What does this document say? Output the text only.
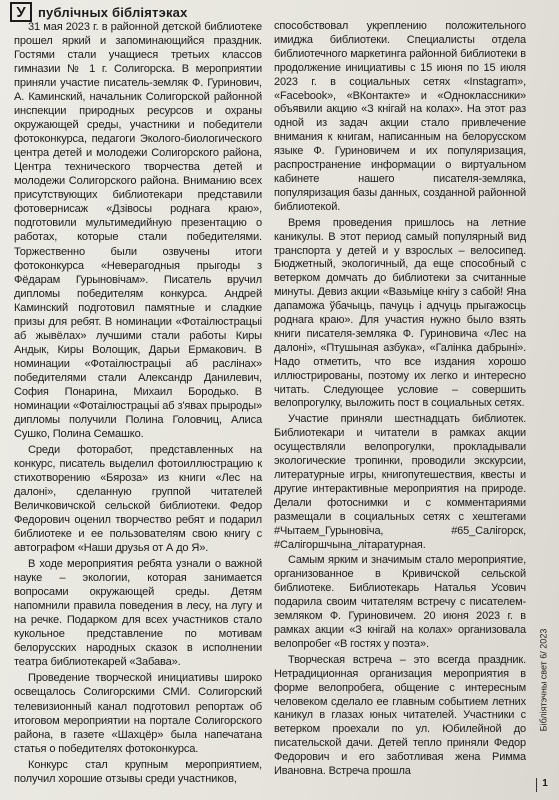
У публічных бібліятэках

31 мая 2023 г. в районной детской библиотеке прошел яркий и запоминающийся праздник. Гостями стали учащиеся третьих классов гимназии № 1 г. Солигорска. В мероприятии приняли участие писатель-земляк Ф. Гуринович, А. Каминский, начальник Солигорской районной инспекции природных ресурсов и охраны окружающей среды, участники и победители фотоконкурса, педагоги Эколого-биологического центра детей и молодежи Солигорского района, Центра технического творчества детей и молодежи Солигорского района. Вниманию всех присутствующих библиотекари представили фотовернисаж «Дзівосы роднага краю», подготовили мультимедийную презентацию о работах, которые стали победителями. Торжественно были озвучены итоги фотоконкурса «Неверагодныя прыгоды з Фёдарам Гурыновічам». Писатель вручил дипломы победителям конкурса. Андрей Каминский подготовил памятные и сладкие призы для ребят. В номинации «Фотаілюстрацыі аб жывёлах» лучшими стали работы Киры Андык, Киры Волощик, Дарьи Ермакович. В номинации «Фотаілюстрацыі аб раслінах» победителями стали Александр Данилевич, София Понарина, Михаил Бородько. В номинации «Фотаілюстрацыі аб з'явах прыроды» дипломы получили Полина Головчиц, Алиса Сушко, Полина Семашко.

Среди фоторабот, представленных на конкурс, писатель выделил фотоиллюстрацию к стихотворению «Бяроза» из книги «Лес на далоні», сделанную группой читателей Величковичской сельской библиотеки. Федор Федорович оценил творчество ребят и подарил библиотеке и ее пользователям свою книгу с автографом «Наши друзья от А до Я».

В ходе мероприятия ребята узнали о важной науке – экологии, которая занимается вопросами окружающей среды. Детям напомнили правила поведения в лесу, на лугу и на речке. Подарком для всех участников стало кукольное представление по мотивам белорусских народных сказок в исполнении театра библиотекарей «Забава».

Проведение творческой инициативы широко освещалось Солигорскими СМИ. Солигорский телевизионный канал подготовил репортаж об итоговом мероприятии на портале Солигорского района, в газете «Шахцёр» была напечатана статья о победителях фотоконкурса.

Конкурс стал крупным мероприятием, получил хорошие отзывы среди участников,

способствовал укреплению положительного имиджа библиотеки. Специалисты отдела библиотечного маркетинга районной библиотеки в продолжение инициативы с 15 июня по 15 июля 2023 г. в социальных сетях «Instagram», «Facebook», «ВКонтакте» и «Одноклассники» объявили акцию «З кнігай на колах». На этот раз одной из задач акции стало привлечение внимания к книгам, написанным на белорусском языке Ф. Гуриновичем и их популяризация, распространение информации о виртуальном кабинете нашего писателя-земляка, популяризация базы данных, созданной районной библиотекой.

Время проведения пришлось на летние каникулы. В этот период самый популярный вид транспорта у детей и у взрослых – велосипед. Бюджетный, экологичный, да еще способный с ветерком домчать до библиотеки за считанные минуты. Девиз акции «Вазьміце кнігу з сабой! Яна дапаможа ўбачыць, пачуць і адчуць прыгажосць роднага краю». Для участия нужно было взять книги писателя-земляка Ф. Гуриновича «Лес на далоні», «Птушыная азбука», «Галінка дабрыні». Надо отметить, что все издания хорошо иллюстрированы, поэтому их легко и интересно читать. Следующее условие – совершить велопрогулку, выложить пост в социальных сетях.

Участие приняли шестнадцать библиотек. Библиотекари и читатели в рамках акции осуществляли велопрогулки, прокладывали экологические тропинки, проводили экскурсии, литературные игры, книгопутешествия, квесты и другие интерактивные мероприятия на природе. Делали фотоснимки и с комментариями размещали в социальных сетях с хештегами #Чытаем_Гурыновіча, #65_Салігорск, #Салігоршчына_літаратурная.

Самым ярким и значимым стало мероприятие, организованное в Кривичской сельской библиотеке. Библиотекарь Наталья Усович подарила своим читателям встречу с писателем-земляком Ф. Гуриновичем. 20 июня 2023 г. в рамках акции «З кнігай на колах» организовала велопробег «В гостях у поэта».

Творческая встреча – это всегда праздник. Нетрадиционная организация мероприятия в форме велопробега, общение с интересным человеком сделало ее главным событием летних каникул в глазах юных читателей. Участники с ветерком проехали по ул. Юбилейной до писательской дачи. Детей тепло приняли Федор Федорович и его заботливая жена Римма Ивановна. Встреча прошла

Бібліятэчны свет 6/ 2023
1
